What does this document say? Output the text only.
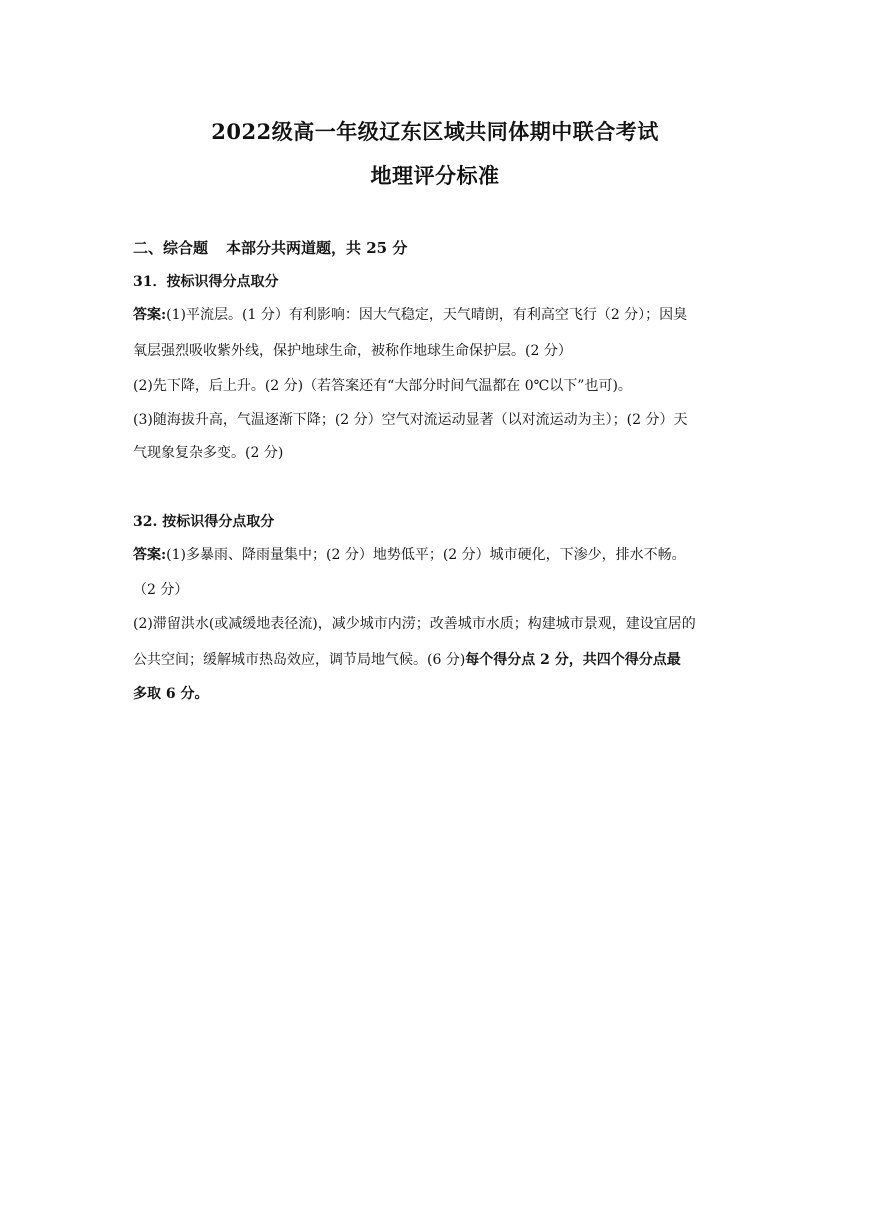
2022级高一年级辽东区域共同体期中联合考试
地理评分标准
二、综合题 本部分共两道题，共 25 分
31．按标识得分点取分
答案:(1)平流层。(1 分）有利影响：因大气稳定，天气晴朗，有利高空飞行（2 分）；因臭
氧层强烈吸收紫外线，保护地球生命，被称作地球生命保护层。(2 分）
(2)先下降，后上升。(2 分)（若答案还有“大部分时间气温都在 0℃以下”也可)。
(3)随海拔升高，气温逐渐下降；(2 分）空气对流运动显著（以对流运动为主）；(2 分）天
气现象复杂多变。(2 分)
32. 按标识得分点取分
答案:(1)多暴雨、降雨量集中；(2 分）地势低平；(2 分）城市硬化，下渗少，排水不畅。
（2 分）
(2)滞留洪水(或减缓地表径流)，减少城市内涝；改善城市水质；构建城市景观，建设宜居的
公共空间；缓解城市热岛效应，调节局地气候。(6 分)每个得分点 2 分，共四个得分点最
多取 6 分。
